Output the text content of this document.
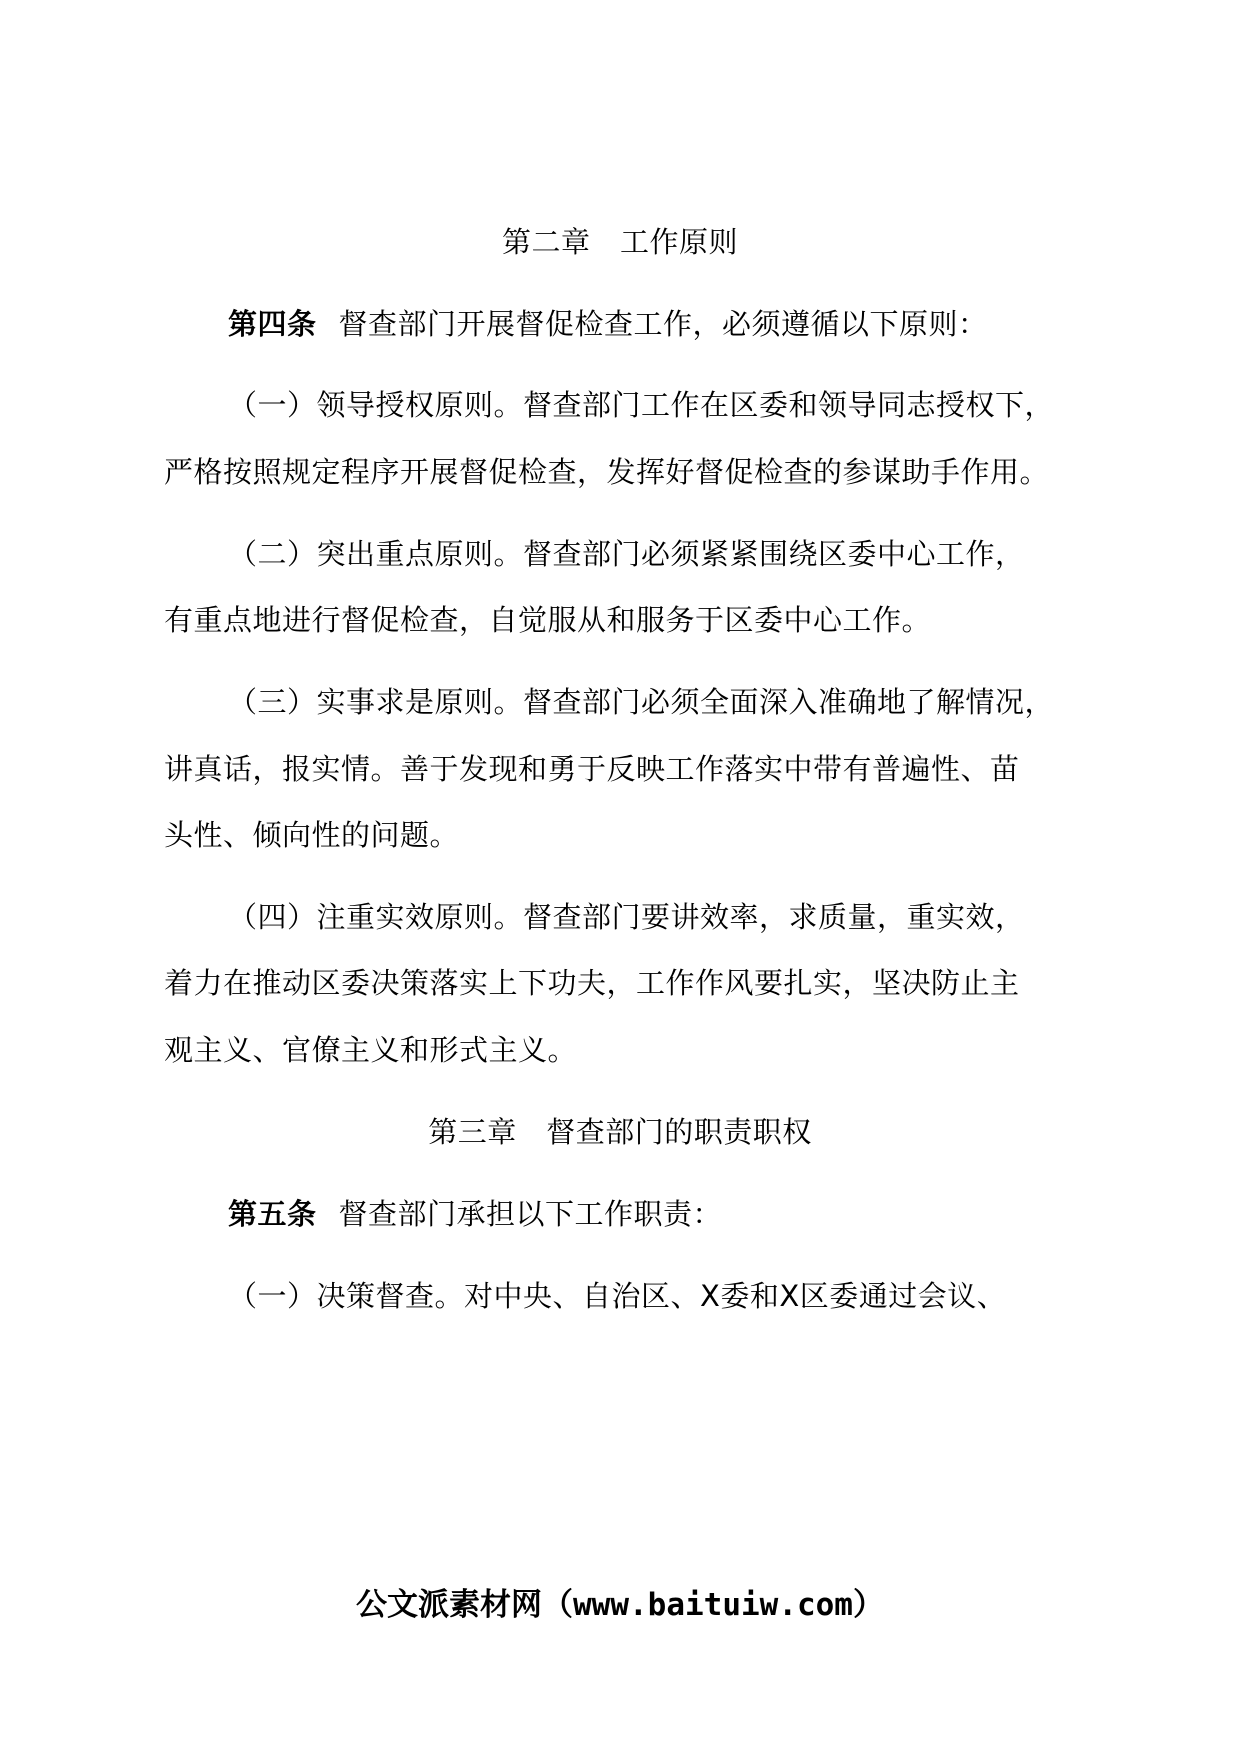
第二章　 工作原则
第四条 督查部门开展督促检查工作，必须遵循以下原则：
（一）领导授权原则。督查部门工作在区委和领导同志授权下，
严格按照规定程序开展督促检查，发挥好督促检查的参谋助手作用。
（二）突出重点原则。督查部门必须紧紧围绕区委中心工作，
有重点地进行督促检查，自觉服从和服务于区委中心工作。
（三）实事求是原则。督查部门必须全面深入准确地了解情况，
讲真话，报实情。善于发现和勇于反映工作落实中带有普遍性、苗
头性、倾向性的问题。
（四）注重实效原则。督查部门要讲效率，求质量，重实效，
着力在推动区委决策落实上下功夫，工作作风要扎实，坚决防止主
观主义、官僚主义和形式主义。
第三章　 督查部门的职责职权
第五条 督查部门承担以下工作职责：
（一）决策督查。对中央、自治区、X委和X区委通过会议、
公文派素材网（www.baituiw.com）
